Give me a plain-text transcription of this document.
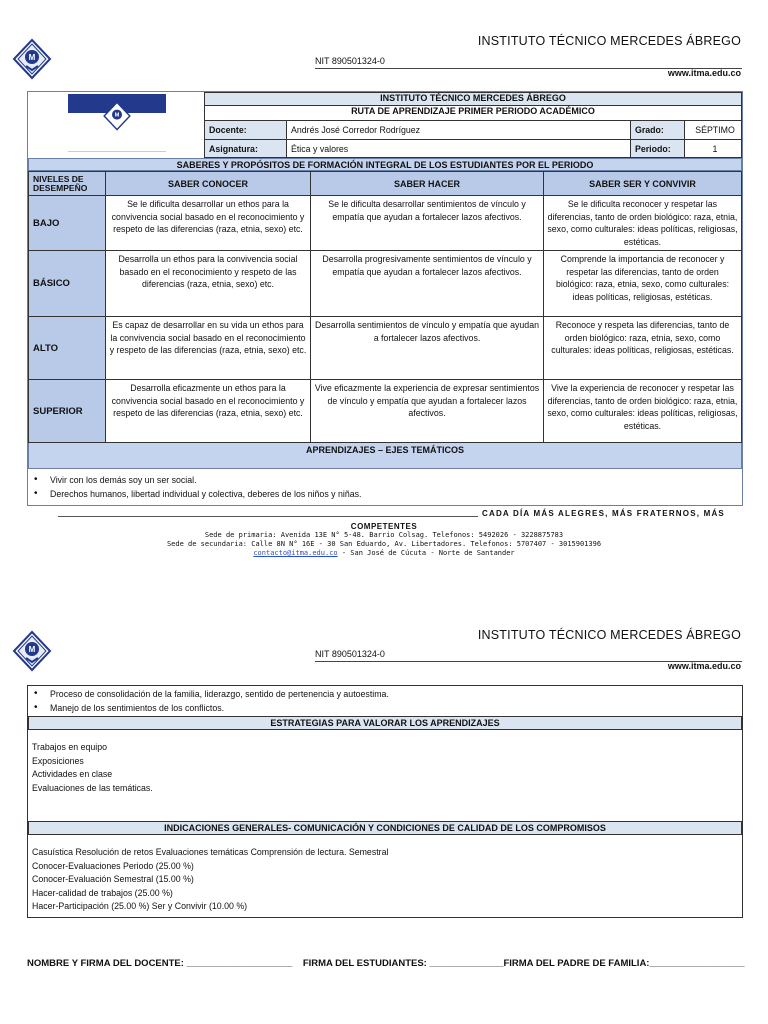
M
INSTITUTO TÉCNICO MERCEDES ÁBREGO
NIT 890501324-0
www.itma.edu.co
M
INSTITUTO TÉCNICO MERCEDES ÁBREGO			
RUTA DE APRENDIZAJE PRIMER PERIODO ACADÉMICO			
Docente:	Andrés José Corredor Rodríguez	Grado:	SÉPTIMO
Asignatura:	Ética y valores	Periodo:	1
SABERES Y PROPÓSITOS DE FORMACIÓN INTEGRAL DE LOS ESTUDIANTES POR EL PERIODO
NIVELES DE DESEMPEÑO	SABER CONOCER	SABER HACER	SABER SER Y CONVIVIR
BAJO	Se le dificulta desarrollar un ethos para la convivencia social basado en el reconocimiento y respeto de las diferencias (raza, etnia, sexo) etc.	Se le dificulta desarrollar sentimientos de vínculo y empatía que ayudan a fortalecer lazos afectivos.	Se le dificulta reconocer y respetar las diferencias, tanto de orden biológico: raza, etnia, sexo, como culturales: ideas políticas, religiosas, estéticas.
BÁSICO	Desarrolla un ethos para la convivencia social basado en el reconocimiento y respeto de las diferencias (raza, etnia, sexo) etc.	Desarrolla progresivamente sentimientos de vínculo y empatía que ayudan a fortalecer lazos afectivos.	Comprende la importancia de reconocer y respetar las diferencias, tanto de orden biológico: raza, etnia, sexo, como culturales: ideas políticas, religiosas, estéticas.
ALTO	Es capaz de desarrollar en su vida un ethos para la convivencia social basado en el reconocimiento y respeto de las diferencias (raza, etnia, sexo) etc.	Desarrolla sentimientos de vínculo y empatía que ayudan a fortalecer lazos afectivos.	Reconoce y respeta las diferencias, tanto de orden biológico: raza, etnia, sexo, como culturales: ideas políticas, religiosas, estéticas.
SUPERIOR	Desarrolla eficazmente un ethos para la convivencia social basado en el reconocimiento y respeto de las diferencias (raza, etnia, sexo) etc.	Vive eficazmente la experiencia de expresar sentimientos de vínculo y empatía que ayudan a fortalecer lazos afectivos.	Vive la experiencia de reconocer y respetar las diferencias, tanto de orden biológico: raza, etnia, sexo, como culturales: ideas políticas, religiosas, estéticas.
APRENDIZAJES – EJES TEMÁTICOS
• Vivir con los demás soy un ser social.
• Derechos humanos, libertad individual y colectiva, deberes de los niños y niñas.
CADA DÍA MÁS ALEGRES, MÁS FRATERNOS, MÁS
COMPETENTES
Sede de primaria: Avenida 13E N° 5-48. Barrio Colsag. Telefonos: 5492026 - 3228875783
Sede de secundaria: Calle 8N N° 16E - 30 San Eduardo, Av. Libertadores. Telefonos: 5707407 - 3015901396
contacto@itma.edu.co - San José de Cúcuta - Norte de Santander
M
INSTITUTO TÉCNICO MERCEDES ÁBREGO
NIT 890501324-0
www.itma.edu.co
• Proceso de consolidación de la familia, liderazgo, sentido de pertenencia y autoestima.
• Manejo de los sentimientos de los conflictos.
ESTRATEGIAS PARA VALORAR LOS APRENDIZAJES
Trabajos en equipo
Exposiciones
Actividades en clase
Evaluaciones de las temáticas.
INDICACIONES GENERALES- COMUNICACIÓN Y CONDICIONES DE CALIDAD DE LOS COMPROMISOS
Casuística Resolución de retos Evaluaciones temáticas Comprensión de lectura. Semestral
Conocer-Evaluaciones Periodo (25.00 %)
Conocer-Evaluación Semestral (15.00 %)
Hacer-calidad de trabajos (25.00 %)
Hacer-Participación (25.00 %) Ser y Convivir (10.00 %)
NOMBRE Y FIRMA DEL DOCENTE: ____________________ FIRMA DEL ESTUDIANTES: ______________FIRMA DEL PADRE DE FAMILIA:__________________
